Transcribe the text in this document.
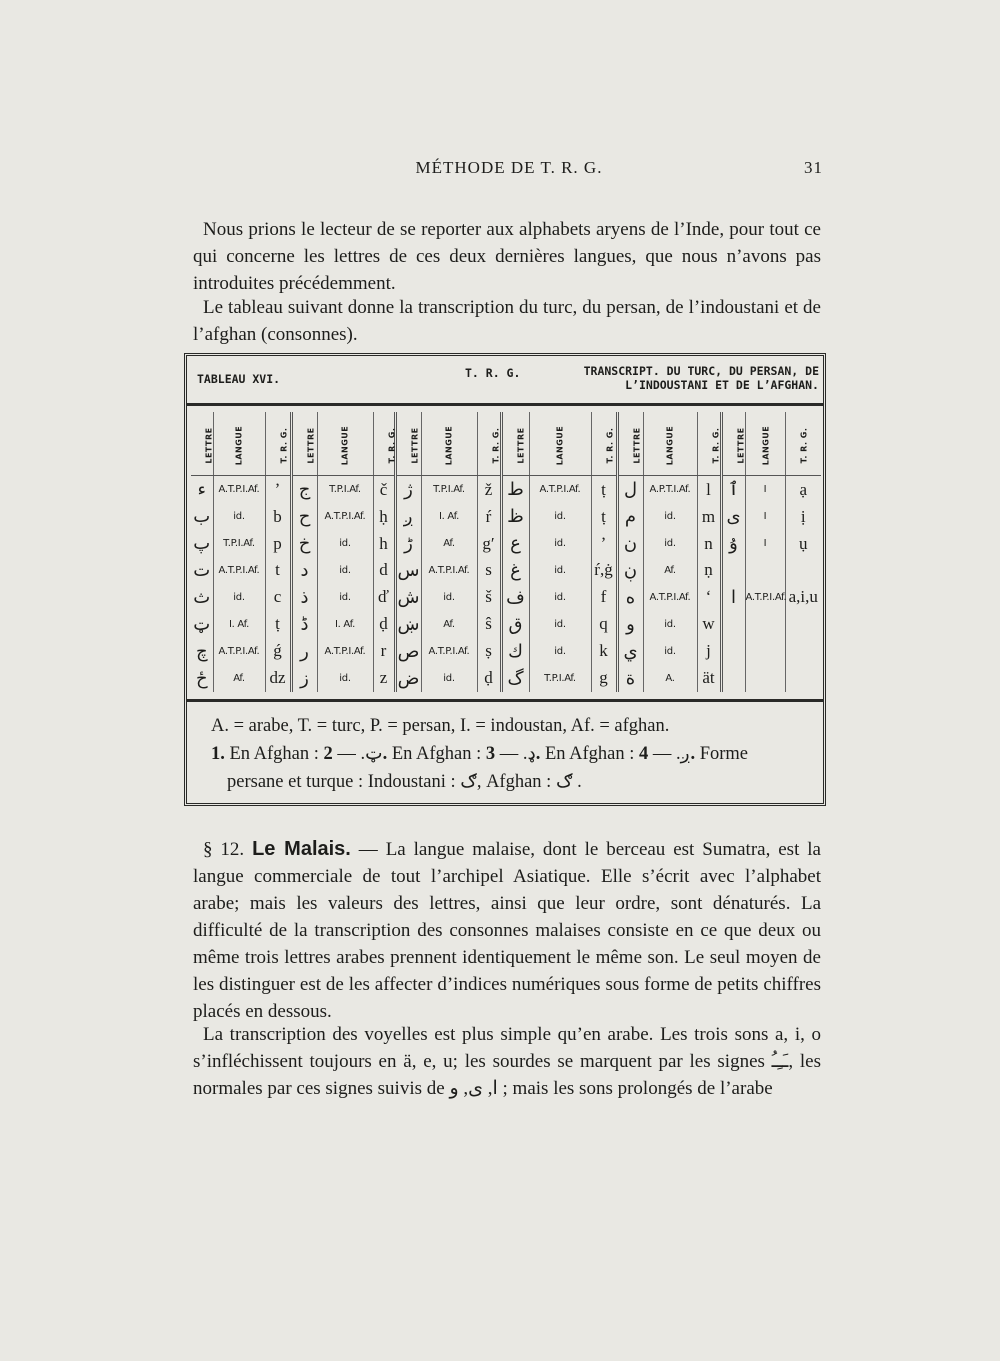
MÉTHODE DE T. R. G.	31

Nous prions le lecteur de se reporter aux alphabets aryens de l’Inde, pour tout ce qui concerne les lettres de ces deux dernières langues, que nous n’avons pas introduites précédemment.

Le tableau suivant donne la transcription du turc, du persan, de l’indoustani et de l’afghan (consonnes).

TABLEAU XVI.	T. R. G.	TRANSCRIPT. DU TURC, DU PERSAN, DE
L’INDOUSTANI ET DE L’AFGHAN.
LETTRE	LANGUE	T. R. G.	LETTRE	LANGUE	T. R. G.	LETTRE	LANGUE	T. R. G.	LETTRE	LANGUE	T. R. G.	LETTRE	LANGUE	T. R. G.	LETTRE	LANGUE	T. R. G.
ء	A.T.P.I.Af.	ʼ	ج	T.P.I.Af.	č	ژ	T.P.I.Af.	ž	ط	A.T.P.I.Af.	ṭ	ل	A.P.T.I.Af.	l	ٱ	I	ạ
ب	id.	b	ح	A.T.P.I.Af.	ḥ	ږ	I. Af.	ŕ	ظ	id.	ṭ	م	id.	m	ى	I	ị
پ	T.P.I.Af.	p	خ	id.	h	ڑ	Af.	g′	ع	id.	ʼ	ن	id.	n	ۇ	I	ụ
ت	A.T.P.I.Af.	t	د	id.	d	س	A.T.P.I.Af.	s	غ	id.	ŕ,ġ	ڹ	Af.	ṇ			
ث	id.	c	ذ	id.	ď	ش	id.	š	ف	id.	f	ه	A.T.P.I.Af.	ʻ	ا	A.T.P.I.Af.	a,i,u
ټ	I. Af.	ṭ	ڈ	I. Af.	ḍ	ښ	Af.	ŝ	ق	id.	q	و	id.	w			
چ	A.T.P.I.Af.	ǵ	ر	A.T.P.I.Af.	r	ص	A.T.P.I.Af.	ṣ	ك	id.	k	ي	id.	j			
ځ	Af.	dz	ز	id.	z	ض	id.	ḍ	گ	T.P.I.Af.	g	ة	A.	ät			
A. = arabe, T. = turc, P. = persan, I. = indoustan, Af. = afghan.

1. En Afghan : ټ. — 2. En Afghan : ډ. — 3. En Afghan : ږ. — 4. Forme persane et turque : Indoustani : ګ, Afghan : ګ .

§ 12. Le Malais. — La langue malaise, dont le berceau est Sumatra, est la langue commerciale de tout l’archipel Asiatique. Elle s’écrit avec l’alphabet arabe; mais les valeurs des lettres, ainsi que leur ordre, sont dénaturés. La difficulté de la transcription des consonnes malaises consiste en ce que deux ou même trois lettres arabes prennent identiquement le même son. Le seul moyen de les distinguer est de les affecter d’indices numériques sous forme de petits chiffres placés en dessous.

La transcription des voyelles est plus simple qu’en arabe. Les trois sons a, i, o s’infléchissent toujours en ä, e, u; les sourdes se marquent par les signes ـَـِـُ, les normales par ces signes suivis de ا, ى, و ; mais les sons prolongés de l’arabe
